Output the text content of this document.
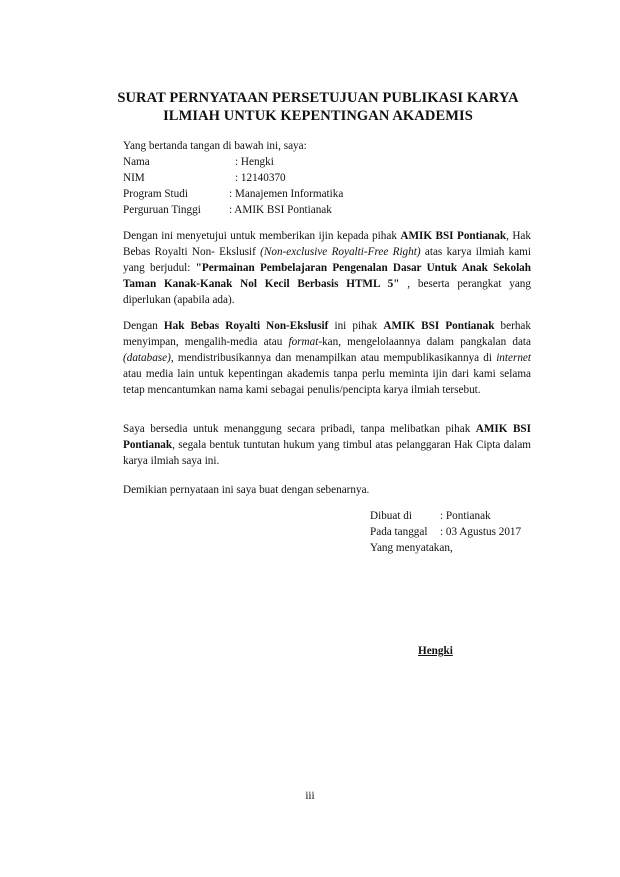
SURAT PERNYATAAN PERSETUJUAN PUBLIKASI KARYA
ILMIAH UNTUK KEPENTINGAN AKADEMIS
Yang bertanda tangan di bawah ini, saya:
Nama	: Hengki
NIM	: 12140370
Program Studi	: Manajemen Informatika
Perguruan Tinggi	: AMIK BSI Pontianak
Dengan ini menyetujui untuk memberikan ijin kepada pihak AMIK BSI Pontianak, Hak Bebas Royalti Non- Ekslusif (Non-exclusive Royalti-Free Right) atas karya ilmiah kami yang berjudul: "Permainan Pembelajaran Pengenalan Dasar Untuk Anak Sekolah Taman Kanak-Kanak Nol Kecil Berbasis HTML 5" , beserta perangkat yang diperlukan (apabila ada).
Dengan Hak Bebas Royalti Non-Ekslusif ini pihak AMIK BSI Pontianak berhak menyimpan, mengalih-media atau format-kan, mengelolaannya dalam pangkalan data (database), mendistribusikannya dan menampilkan atau mempublikasikannya di internet atau media lain untuk kepentingan akademis tanpa perlu meminta ijin dari kami selama tetap mencantumkan nama kami sebagai penulis/pencipta karya ilmiah tersebut.
Saya bersedia untuk menanggung secara pribadi, tanpa melibatkan pihak AMIK BSI Pontianak, segala bentuk tuntutan hukum yang timbul atas pelanggaran Hak Cipta dalam karya ilmiah saya ini.
Demikian pernyataan ini saya buat dengan sebenarnya.
Dibuat di	: Pontianak
Pada tanggal : 03 Agustus 2017
Yang menyatakan,
Hengki
iii
